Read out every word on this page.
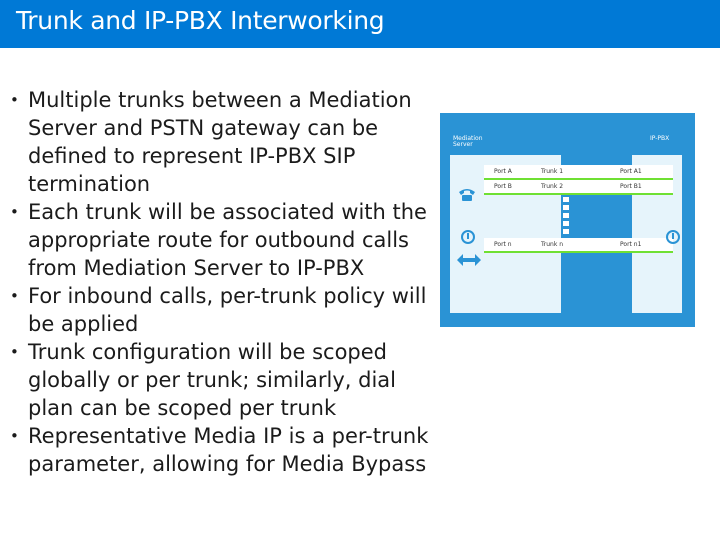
Trunk and IP-PBX Interworking
• Multiple trunks between a Mediation Server and PSTN gateway can be defined to represent IP-PBX SIP termination
• Each trunk will be associated with the appropriate route for outbound calls from Mediation Server to IP-PBX
• For inbound calls, per-trunk policy will be applied
• Trunk configuration will be scoped globally or per trunk; similarly, dial plan can be scoped per trunk
• Representative Media IP is a per-trunk parameter, allowing for Media Bypass
Mediation Server
IP-PBX
Port A	Trunk 1	Port A1
Port B	Trunk 2	Port B1
Port n	Trunk n	Port n1
